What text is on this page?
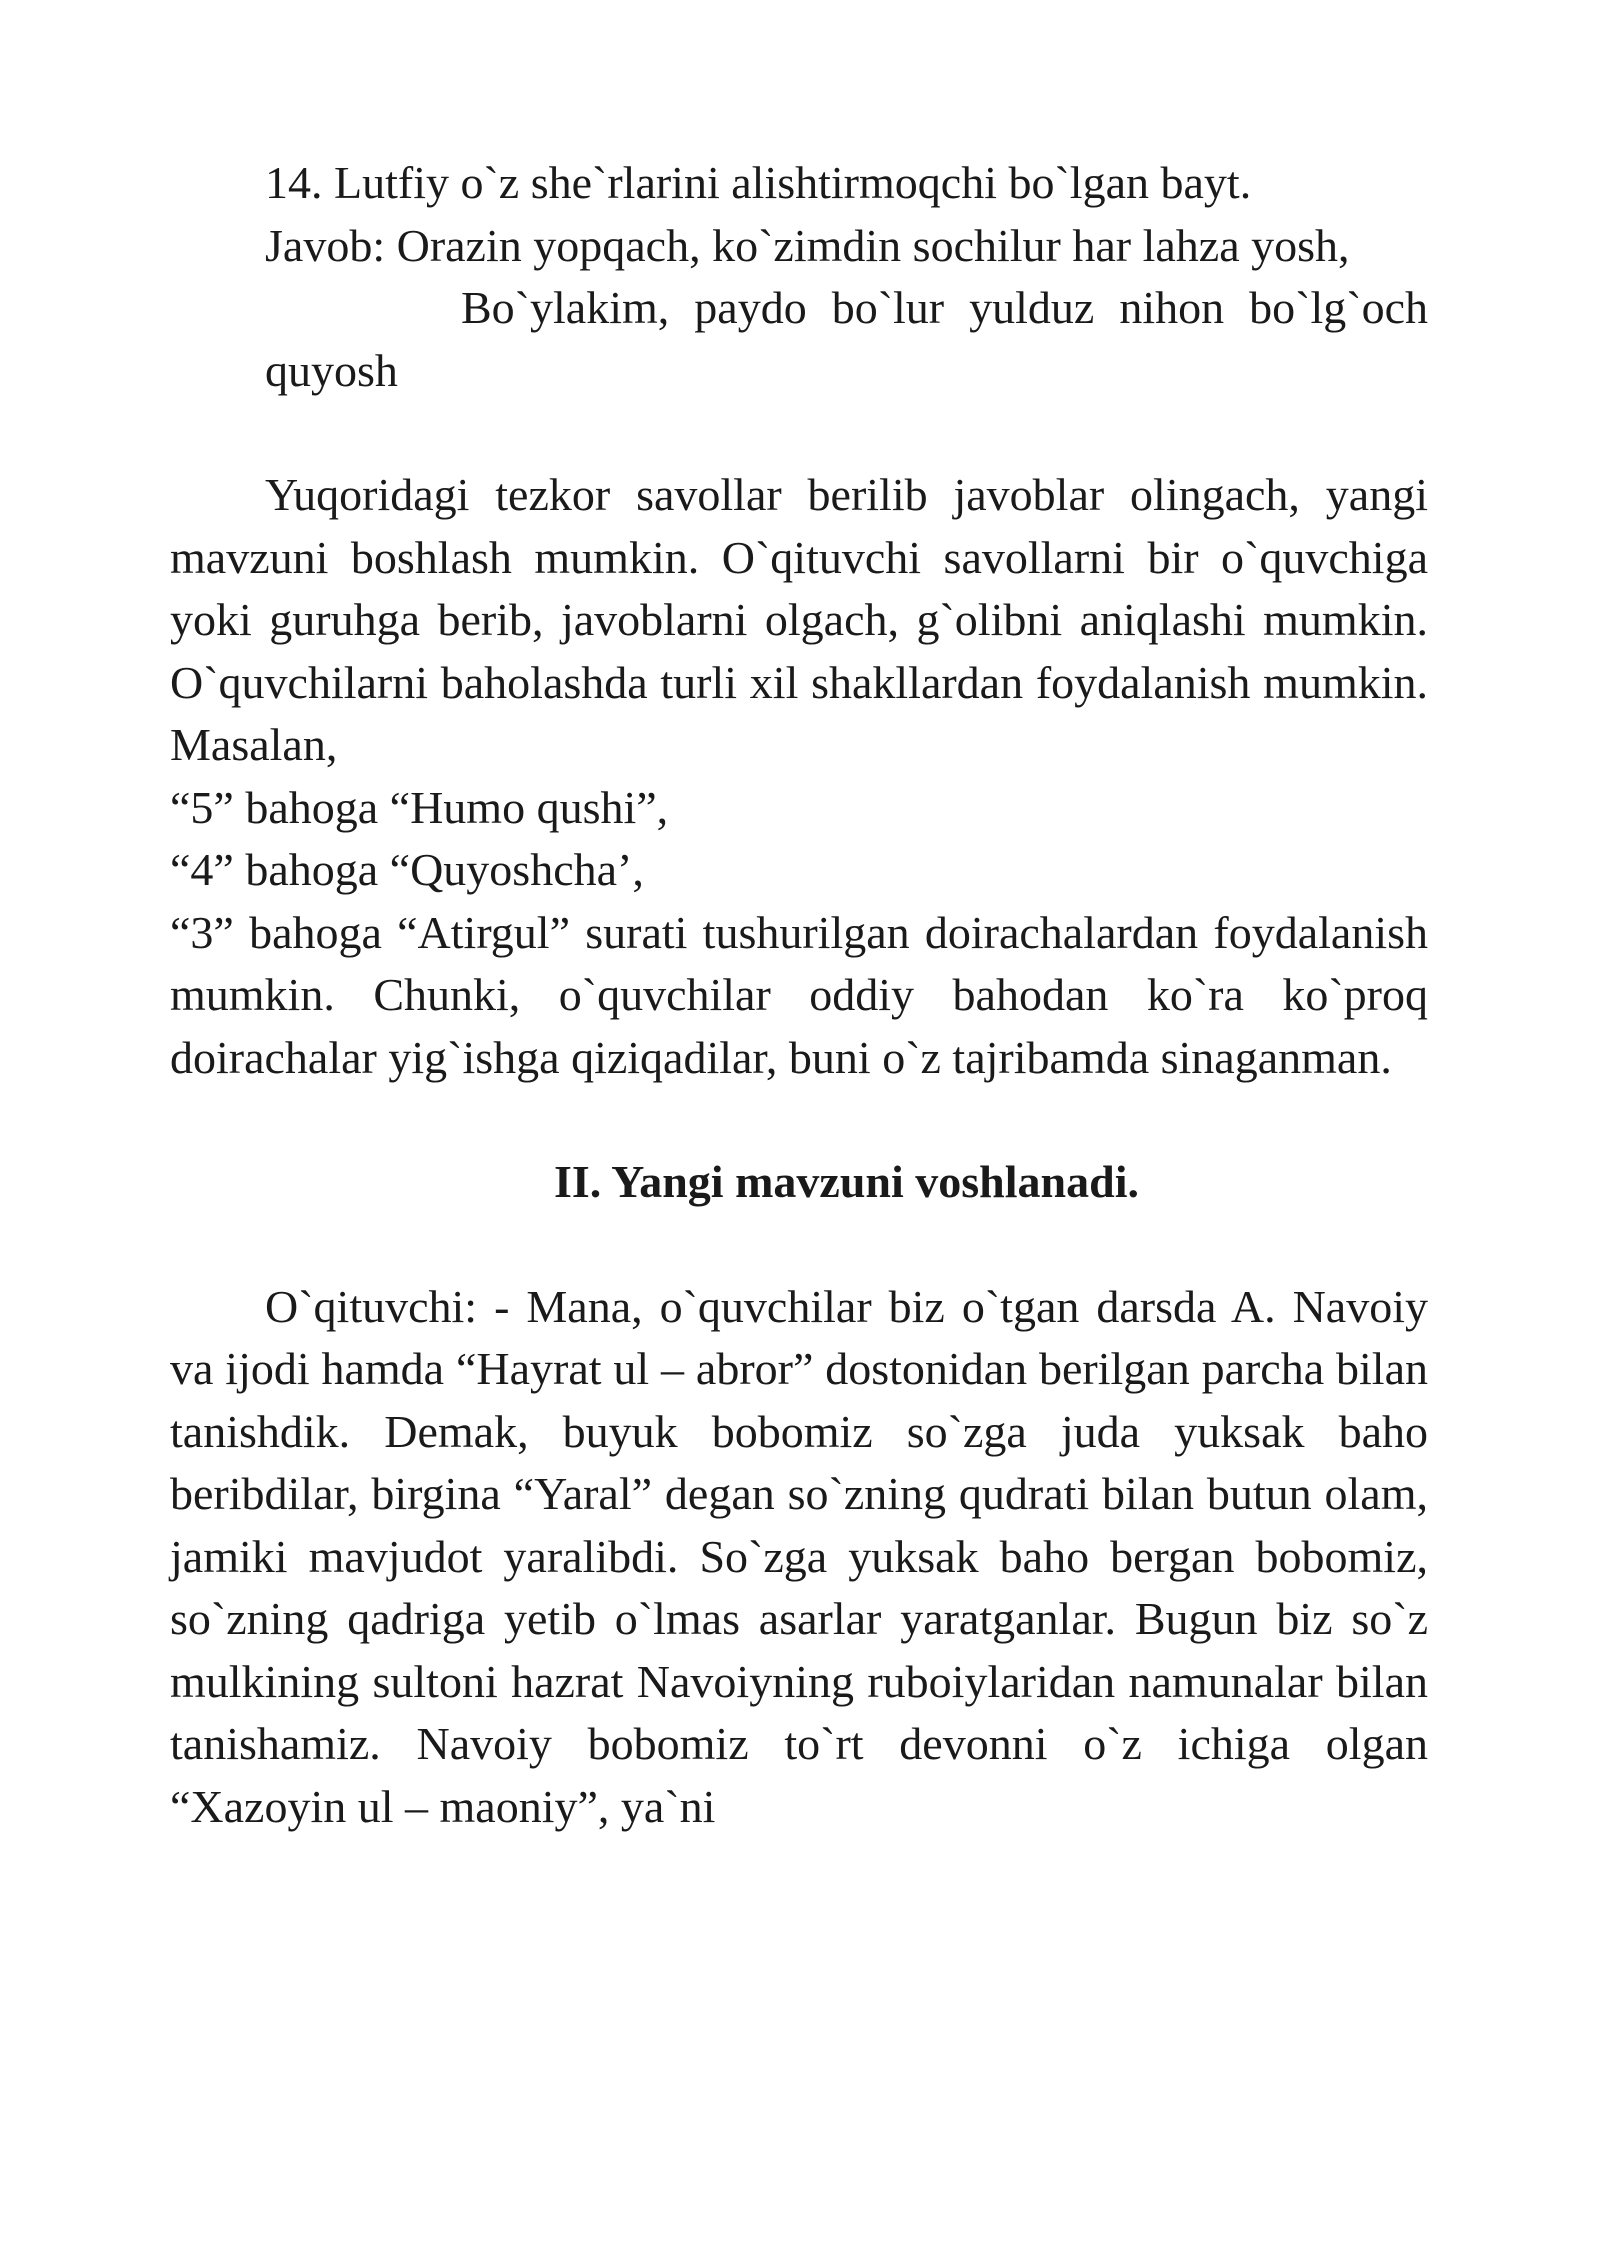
14. Lutfiy o`z she`rlarini alishtirmoqchi bo`lgan bayt.

Javob: Orazin yopqach, ko`zimdin sochilur har lahza yosh,

Bo`ylakim, paydo bo`lur yulduz nihon bo`lg`och quyosh

Yuqoridagi tezkor savollar berilib javoblar olingach, yangi mavzuni boshlash mumkin. O`qituvchi savollarni bir o`quvchiga yoki guruhga berib, javoblarni olgach, g`olibni aniqlashi mumkin. O`quvchilarni baholashda turli xil shakllardan foydalanish mumkin. Masalan,

“5” bahoga “Humo qushi”,

“4” bahoga “Quyoshcha’,

“3” bahoga “Atirgul” surati tushurilgan doirachalardan foydalanish mumkin. Chunki, o`quvchilar oddiy bahodan ko`ra ko`proq doirachalar yig`ishga qiziqadilar, buni o`z tajribamda sinaganman.

II. Yangi mavzuni voshlanadi.

O`qituvchi: - Mana, o`quvchilar biz o`tgan darsda A. Navoiy va ijodi hamda “Hayrat ul – abror” dostonidan berilgan parcha bilan tanishdik. Demak, buyuk bobomiz so`zga juda yuksak baho beribdilar, birgina “Yaral” degan so`zning qudrati bilan butun olam, jamiki mavjudot yaralibdi. So`zga yuksak baho bergan bobomiz, so`zning qadriga yetib o`lmas asarlar yaratganlar. Bugun biz so`z mulkining sultoni hazrat Navoiyning ruboiylaridan namunalar bilan tanishamiz. Navoiy bobomiz to`rt devonni o`z ichiga olgan “Xazoyin ul – maoniy”, ya`ni
